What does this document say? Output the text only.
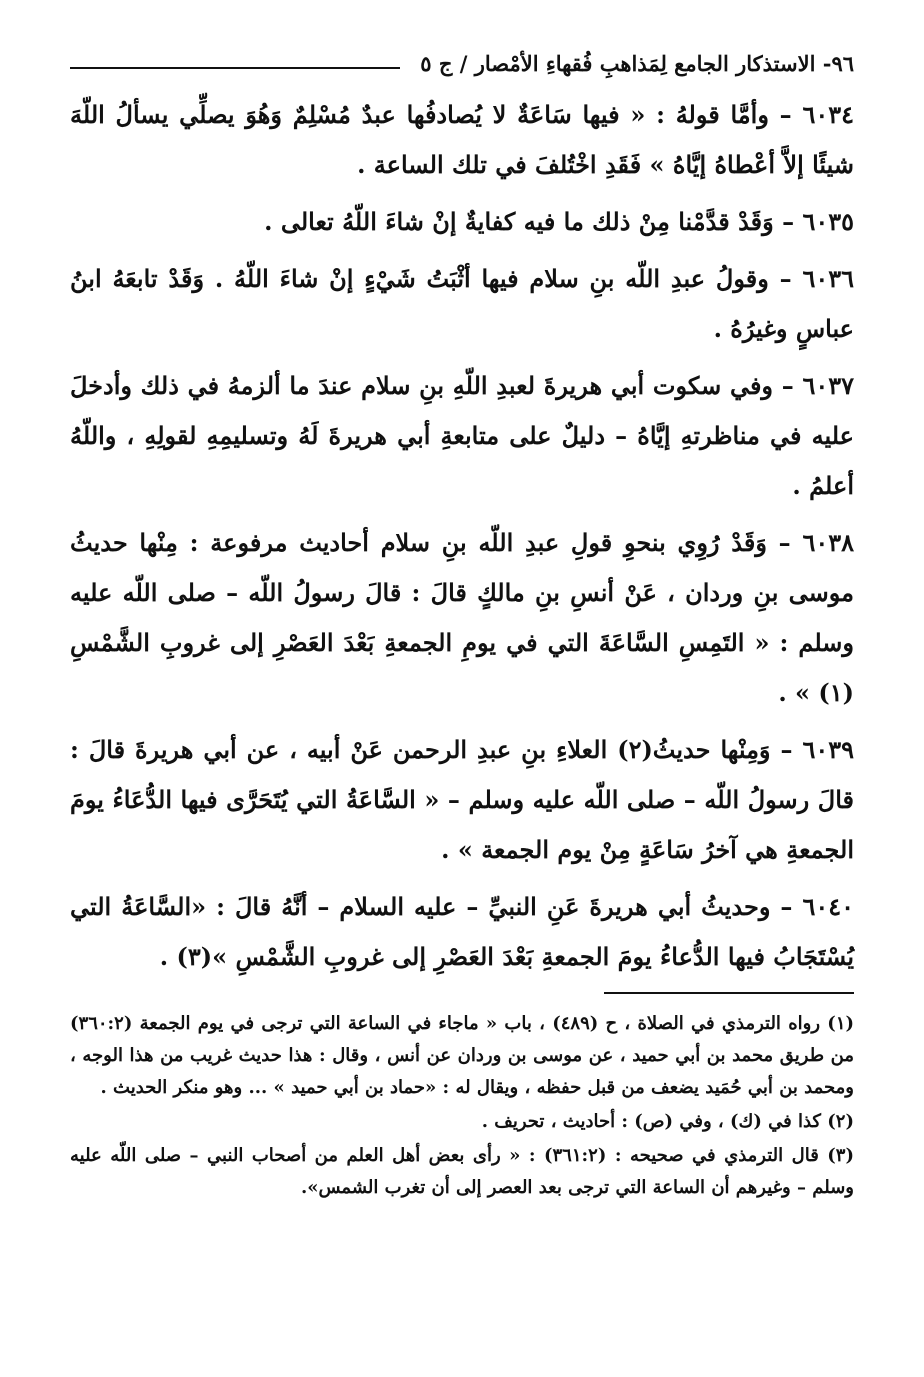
٩٦- الاستذكار الجامع لِمَذاهبِ فُقهاءِ الأمْصار / ج ٥

٦٠٣٤ – وأمَّا قولهُ : « فيها سَاعَةٌ لا يُصادفُها عبدٌ مُسْلِمٌ وَهُوَ يصلِّي يسألُ اللّهَ شيئًا إلاَّ أعْطاهُ إيَّاهُ » فَقَدِ اخْتُلفَ في تلك الساعة .

٦٠٣٥ – وَقَدْ قدَّمْنا مِنْ ذلك ما فيه كفايةٌ إنْ شاءَ اللّهُ تعالى .

٦٠٣٦ – وقولُ عبدِ اللّه بنِ سلام فيها أثْبَتُ شَيْءٍ إنْ شاءَ اللّهُ . وَقَدْ تابعَهُ ابنُ عباسٍ وغيرُهُ .

٦٠٣٧ – وفي سكوت أبي هريرةَ لعبدِ اللّهِ بنِ سلام عندَ ما ألزمهُ في ذلك وأدخلَ عليه في مناظرتهِ إيَّاهُ – دليلٌ على متابعةِ أبي هريرةَ لَهُ وتسليمِهِ لقولِهِ ، واللّهُ أعلمُ .

٦٠٣٨ – وَقَدْ رُوِي بنحوِ قولِ عبدِ اللّه بنِ سلام أحاديث مرفوعة : مِنْها حديثُ موسى بنِ وردان ، عَنْ أنسِ بنِ مالكٍ قالَ : قالَ رسولُ اللّه – صلى اللّه عليه وسلم : « التَمِسِ السَّاعَةَ التي في يومِ الجمعةِ بَعْدَ العَصْرِ إلى غروبِ الشَّمْسِ (١) » .

٦٠٣٩ – وَمِنْها حديثُ(٢) العلاءِ بنِ عبدِ الرحمن عَنْ أبيه ، عن أبي هريرةَ قالَ : قالَ رسولُ اللّه – صلى اللّه عليه وسلم – « السَّاعَةُ التي يُتَحَرَّى فيها الدُّعَاءُ يومَ الجمعةِ هي آخرُ سَاعَةٍ مِنْ يوم الجمعة » .

٦٠٤٠ – وحديثُ أبي هريرةَ عَنِ النبيِّ – عليه السلام – أنَّهُ قالَ : «السَّاعَةُ التي يُسْتَجَابُ فيها الدُّعاءُ يومَ الجمعةِ بَعْدَ العَصْرِ إلى غروبِ الشَّمْسِ »(٣) .

(١) رواه الترمذي في الصلاة ، ح (٤٨٩) ، باب « ماجاء في الساعة التي ترجى في يوم الجمعة (٣٦٠:٢) من طريق محمد بن أبي حميد ، عن موسى بن وردان عن أنس ، وقال : هذا حديث غريب من هذا الوجه ، ومحمد بن أبي حُمَيد يضعف من قبل حفظه ، ويقال له : «حماد بن أبي حميد » ... وهو منكر الحديث .

(٢) كذا في (ك) ، وفي (ص) : أحاديث ، تحريف .

(٣) قال الترمذي في صحيحه : (٣٦١:٢) : « رأى بعض أهل العلم من أصحاب النبي – صلى اللّه عليه وسلم – وغيرهم أن الساعة التي ترجى بعد العصر إلى أن تغرب الشمس».
